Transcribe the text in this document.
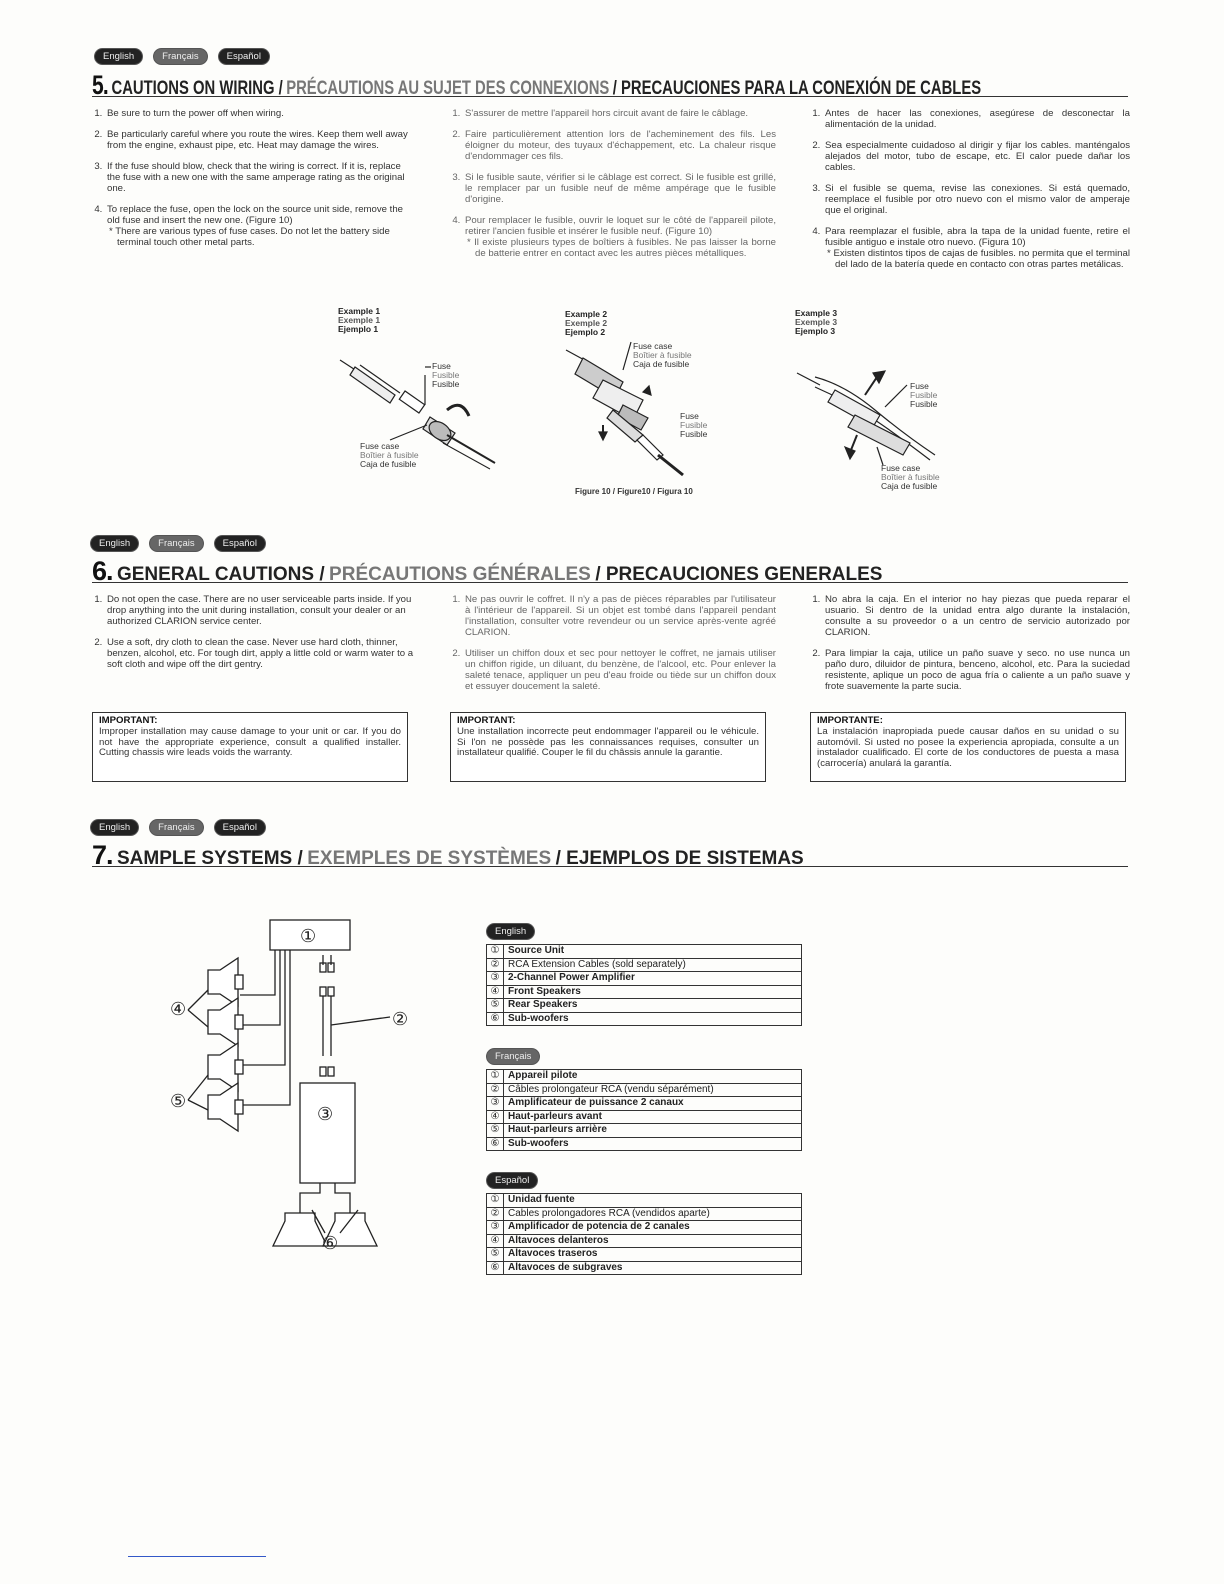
English	Français	Español
5. CAUTIONS ON WIRING / PRÉCAUTIONS AU SUJET DES CONNEXIONS / PRECAUCIONES PARA LA CONEXIÓN DE CABLES
1. Be sure to turn the power off when wiring.
2. Be particularly careful where you route the wires. Keep them well away from the engine, exhaust pipe, etc. Heat may damage the wires.
3. If the fuse should blow, check that the wiring is correct. If it is, replace the fuse with a new one with the same amperage rating as the original one.
4. To replace the fuse, open the lock on the source unit side, remove the old fuse and insert the new one. (Figure 10)
* There are various types of fuse cases. Do not let the battery side terminal touch other metal parts.
1. S'assurer de mettre l'appareil hors circuit avant de faire le câblage.
2. Faire particulièrement attention lors de l'acheminement des fils. Les éloigner du moteur, des tuyaux d'échappement, etc. La chaleur risque d'endommager ces fils.
3. Si le fusible saute, vérifier si le câblage est correct. Si le fusible est grillé, le remplacer par un fusible neuf de même ampérage que le fusible d'origine.
4. Pour remplacer le fusible, ouvrir le loquet sur le côté de l'appareil pilote, retirer l'ancien fusible et insérer le fusible neuf. (Figure 10)
* Il existe plusieurs types de boîtiers à fusibles. Ne pas laisser la borne de batterie entrer en contact avec les autres pièces métalliques.
1. Antes de hacer las conexiones, asegúrese de desconectar la alimentación de la unidad.
2. Sea especialmente cuidadoso al dirigir y fijar los cables. manténgalos alejados del motor, tubo de escape, etc. El calor puede dañar los cables.
3. Si el fusible se quema, revise las conexiones. Si está quemado, reemplace el fusible por otro nuevo con el mismo valor de amperaje que el original.
4. Para reemplazar el fusible, abra la tapa de la unidad fuente, retire el fusible antiguo e instale otro nuevo. (Figura 10)
* Existen distintos tipos de cajas de fusibles. no permita que el terminal del lado de la batería quede en contacto con otras partes metálicas.
Example 1
Exemple 1
Ejemplo 1
Example 2
Exemple 2
Ejemplo 2
Example 3
Exemple 3
Ejemplo 3
Fuse
Fusible
Fusible
Fuse case
Boîtier à fusible
Caja de fusible
Fuse case
Boîtier à fusible
Caja de fusible
Fuse
Fusible
Fusible
Figure 10 / Figure10 / Figura 10
Fuse
Fusible
Fusible
Fuse case
Boîtier à fusible
Caja de fusible
English	Français	Español
6. GENERAL CAUTIONS / PRÉCAUTIONS GÉNÉRALES / PRECAUCIONES GENERALES
1. Do not open the case. There are no user serviceable parts inside. If you drop anything into the unit during installation, consult your dealer or an authorized CLARION service center.
2. Use a soft, dry cloth to clean the case. Never use hard cloth, thinner, benzen, alcohol, etc. For tough dirt, apply a little cold or warm water to a soft cloth and wipe off the dirt gentry.
1. Ne pas ouvrir le coffret. Il n'y a pas de pièces réparables par l'utilisateur à l'intérieur de l'appareil. Si un objet est tombé dans l'appareil pendant l'installation, consulter votre revendeur ou un service après-vente agréé CLARION.
2. Utiliser un chiffon doux et sec pour nettoyer le coffret, ne jamais utiliser un chiffon rigide, un diluant, du benzène, de l'alcool, etc. Pour enlever la saleté tenace, appliquer un peu d'eau froide ou tiède sur un chiffon doux et essuyer doucement la saleté.
1. No abra la caja. En el interior no hay piezas que pueda reparar el usuario. Si dentro de la unidad entra algo durante la instalación, consulte a su proveedor o a un centro de servicio autorizado por CLARION.
2. Para limpiar la caja, utilice un paño suave y seco. no use nunca un paño duro, diluidor de pintura, benceno, alcohol, etc. Para la suciedad resistente, aplique un poco de agua fría o caliente a un paño suave y frote suavemente la parte sucia.
IMPORTANT:
Improper installation may cause damage to your unit or car. If you do not have the appropriate experience, consult a qualified installer. Cutting chassis wire leads voids the warranty.
IMPORTANT:
Une installation incorrecte peut endommager l'appareil ou le véhicule. Si l'on ne possède pas les connaissances requises, consulter un installateur qualifié. Couper le fil du châssis annule la garantie.
IMPORTANTE:
La instalación inapropiada puede causar daños en su unidad o su automóvil. Si usted no posee la experiencia apropiada, consulte a un instalador cualificado. El corte de los conductores de puesta a masa (carrocería) anulará la garantía.
English	Français	Español
7. SAMPLE SYSTEMS / EXEMPLES DE SYSTÈMES / EJEMPLOS DE SISTEMAS
①
②
③
④
⑤
⑥
English
①	Source Unit
②	RCA Extension Cables (sold separately)
③	2-Channel Power Amplifier
④	Front Speakers
⑤	Rear Speakers
⑥	Sub-woofers
Français
①	Appareil pilote
②	Câbles prolongateur RCA (vendu séparément)
③	Amplificateur de puissance 2 canaux
④	Haut-parleurs avant
⑤	Haut-parleurs arrière
⑥	Sub-woofers
Español
①	Unidad fuente
②	Cables prolongadores RCA (vendidos aparte)
③	Amplificador de potencia de 2 canales
④	Altavoces delanteros
⑤	Altavoces traseros
⑥	Altavoces de subgraves
